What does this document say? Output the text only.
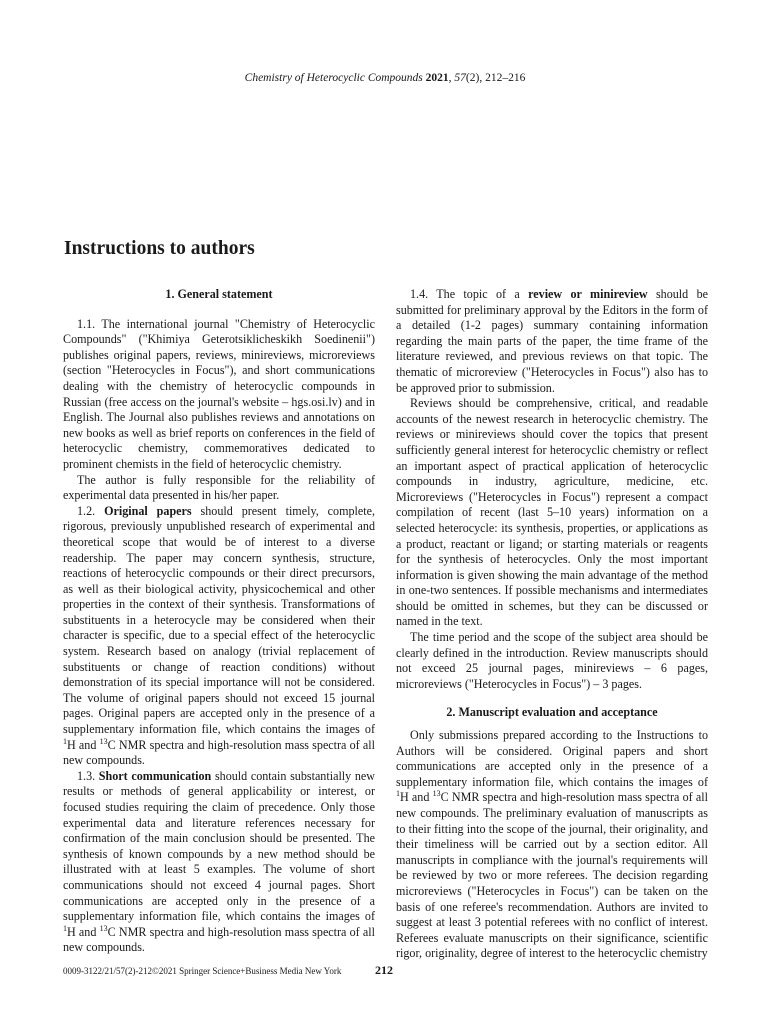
Chemistry of Heterocyclic Compounds 2021, 57(2), 212–216
Instructions to authors
1. General statement

1.1. The international journal "Chemistry of Heterocyclic Compounds" ("Khimiya Geterotsiklicheskikh Soedinenii") publishes original papers, reviews, minireviews, microreviews (section "Heterocycles in Focus"), and short communications dealing with the chemistry of heterocyclic compounds in Russian (free access on the journal's website – hgs.osi.lv) and in English. The Journal also publishes reviews and annotations on new books as well as brief reports on conferences in the field of heterocyclic chemistry, commemoratives dedicated to prominent chemists in the field of heterocyclic chemistry.

The author is fully responsible for the reliability of experimental data presented in his/her paper.

1.2. Original papers should present timely, complete, rigorous, previously unpublished research of experimental and theoretical scope that would be of interest to a diverse readership. The paper may concern synthesis, structure, reactions of heterocyclic compounds or their direct precursors, as well as their biological activity, physicochemical and other properties in the context of their synthesis. Transformations of substituents in a heterocycle may be considered when their character is specific, due to a special effect of the heterocyclic system. Research based on analogy (trivial replacement of substituents or change of reaction conditions) without demonstration of its special importance will not be considered. The volume of original papers should not exceed 15 journal pages. Original papers are accepted only in the presence of a supplementary information file, which contains the images of $^1$H and $^{13}$C NMR spectra and high-resolution mass spectra of all new compounds.

1.3. Short communication should contain substantially new results or methods of general applicability or interest, or focused studies requiring the claim of precedence. Only those experimental data and literature references necessary for confirmation of the main conclusion should be presented. The synthesis of known compounds by a new method should be illustrated with at least 5 examples. The volume of short communications should not exceed 4 journal pages. Short communications are accepted only in the presence of a supplementary information file, which contains the images of $^1$H and $^{13}$C NMR spectra and high-resolution mass spectra of all new compounds.

1.4. The topic of a review or minireview should be submitted for preliminary approval by the Editors in the form of a detailed (1-2 pages) summary containing information regarding the main parts of the paper, the time frame of the literature reviewed, and previous reviews on that topic. The thematic of microreview ("Heterocycles in Focus") also has to be approved prior to submission.

Reviews should be comprehensive, critical, and readable accounts of the newest research in heterocyclic chemistry. The reviews or minireviews should cover the topics that present sufficiently general interest for heterocyclic chemistry or reflect an important aspect of practical application of heterocyclic compounds in industry, agriculture, medicine, etc. Microreviews ("Heterocycles in Focus") represent a compact compilation of recent (last 5–10 years) information on a selected heterocycle: its synthesis, properties, or applications as a product, reactant or ligand; or starting materials or reagents for the synthesis of heterocycles. Only the most important information is given showing the main advantage of the method in one-two sentences. If possible mechanisms and intermediates should be omitted in schemes, but they can be discussed or named in the text.

The time period and the scope of the subject area should be clearly defined in the introduction. Review manuscripts should not exceed 25 journal pages, minireviews – 6 pages, microreviews ("Heterocycles in Focus") – 3 pages.

2. Manuscript evaluation and acceptance

Only submissions prepared according to the Instructions to Authors will be considered. Original papers and short communications are accepted only in the presence of a supplementary information file, which contains the images of $^1$H and $^{13}$C NMR spectra and high-resolution mass spectra of all new compounds. The preliminary evaluation of manuscripts as to their fitting into the scope of the journal, their originality, and their timeliness will be carried out by a section editor. All manuscripts in compliance with the journal's requirements will be reviewed by two or more referees. The decision regarding microreviews ("Heterocycles in Focus") can be taken on the basis of one referee's recommendation. Authors are invited to suggest at least 3 potential referees with no conflict of interest. Referees evaluate manuscripts on their significance, scientific rigor, originality, degree of interest to the heterocyclic chemistry

0009-3122/21/57(2)-212©2021 Springer Science+Business Media New York	212
